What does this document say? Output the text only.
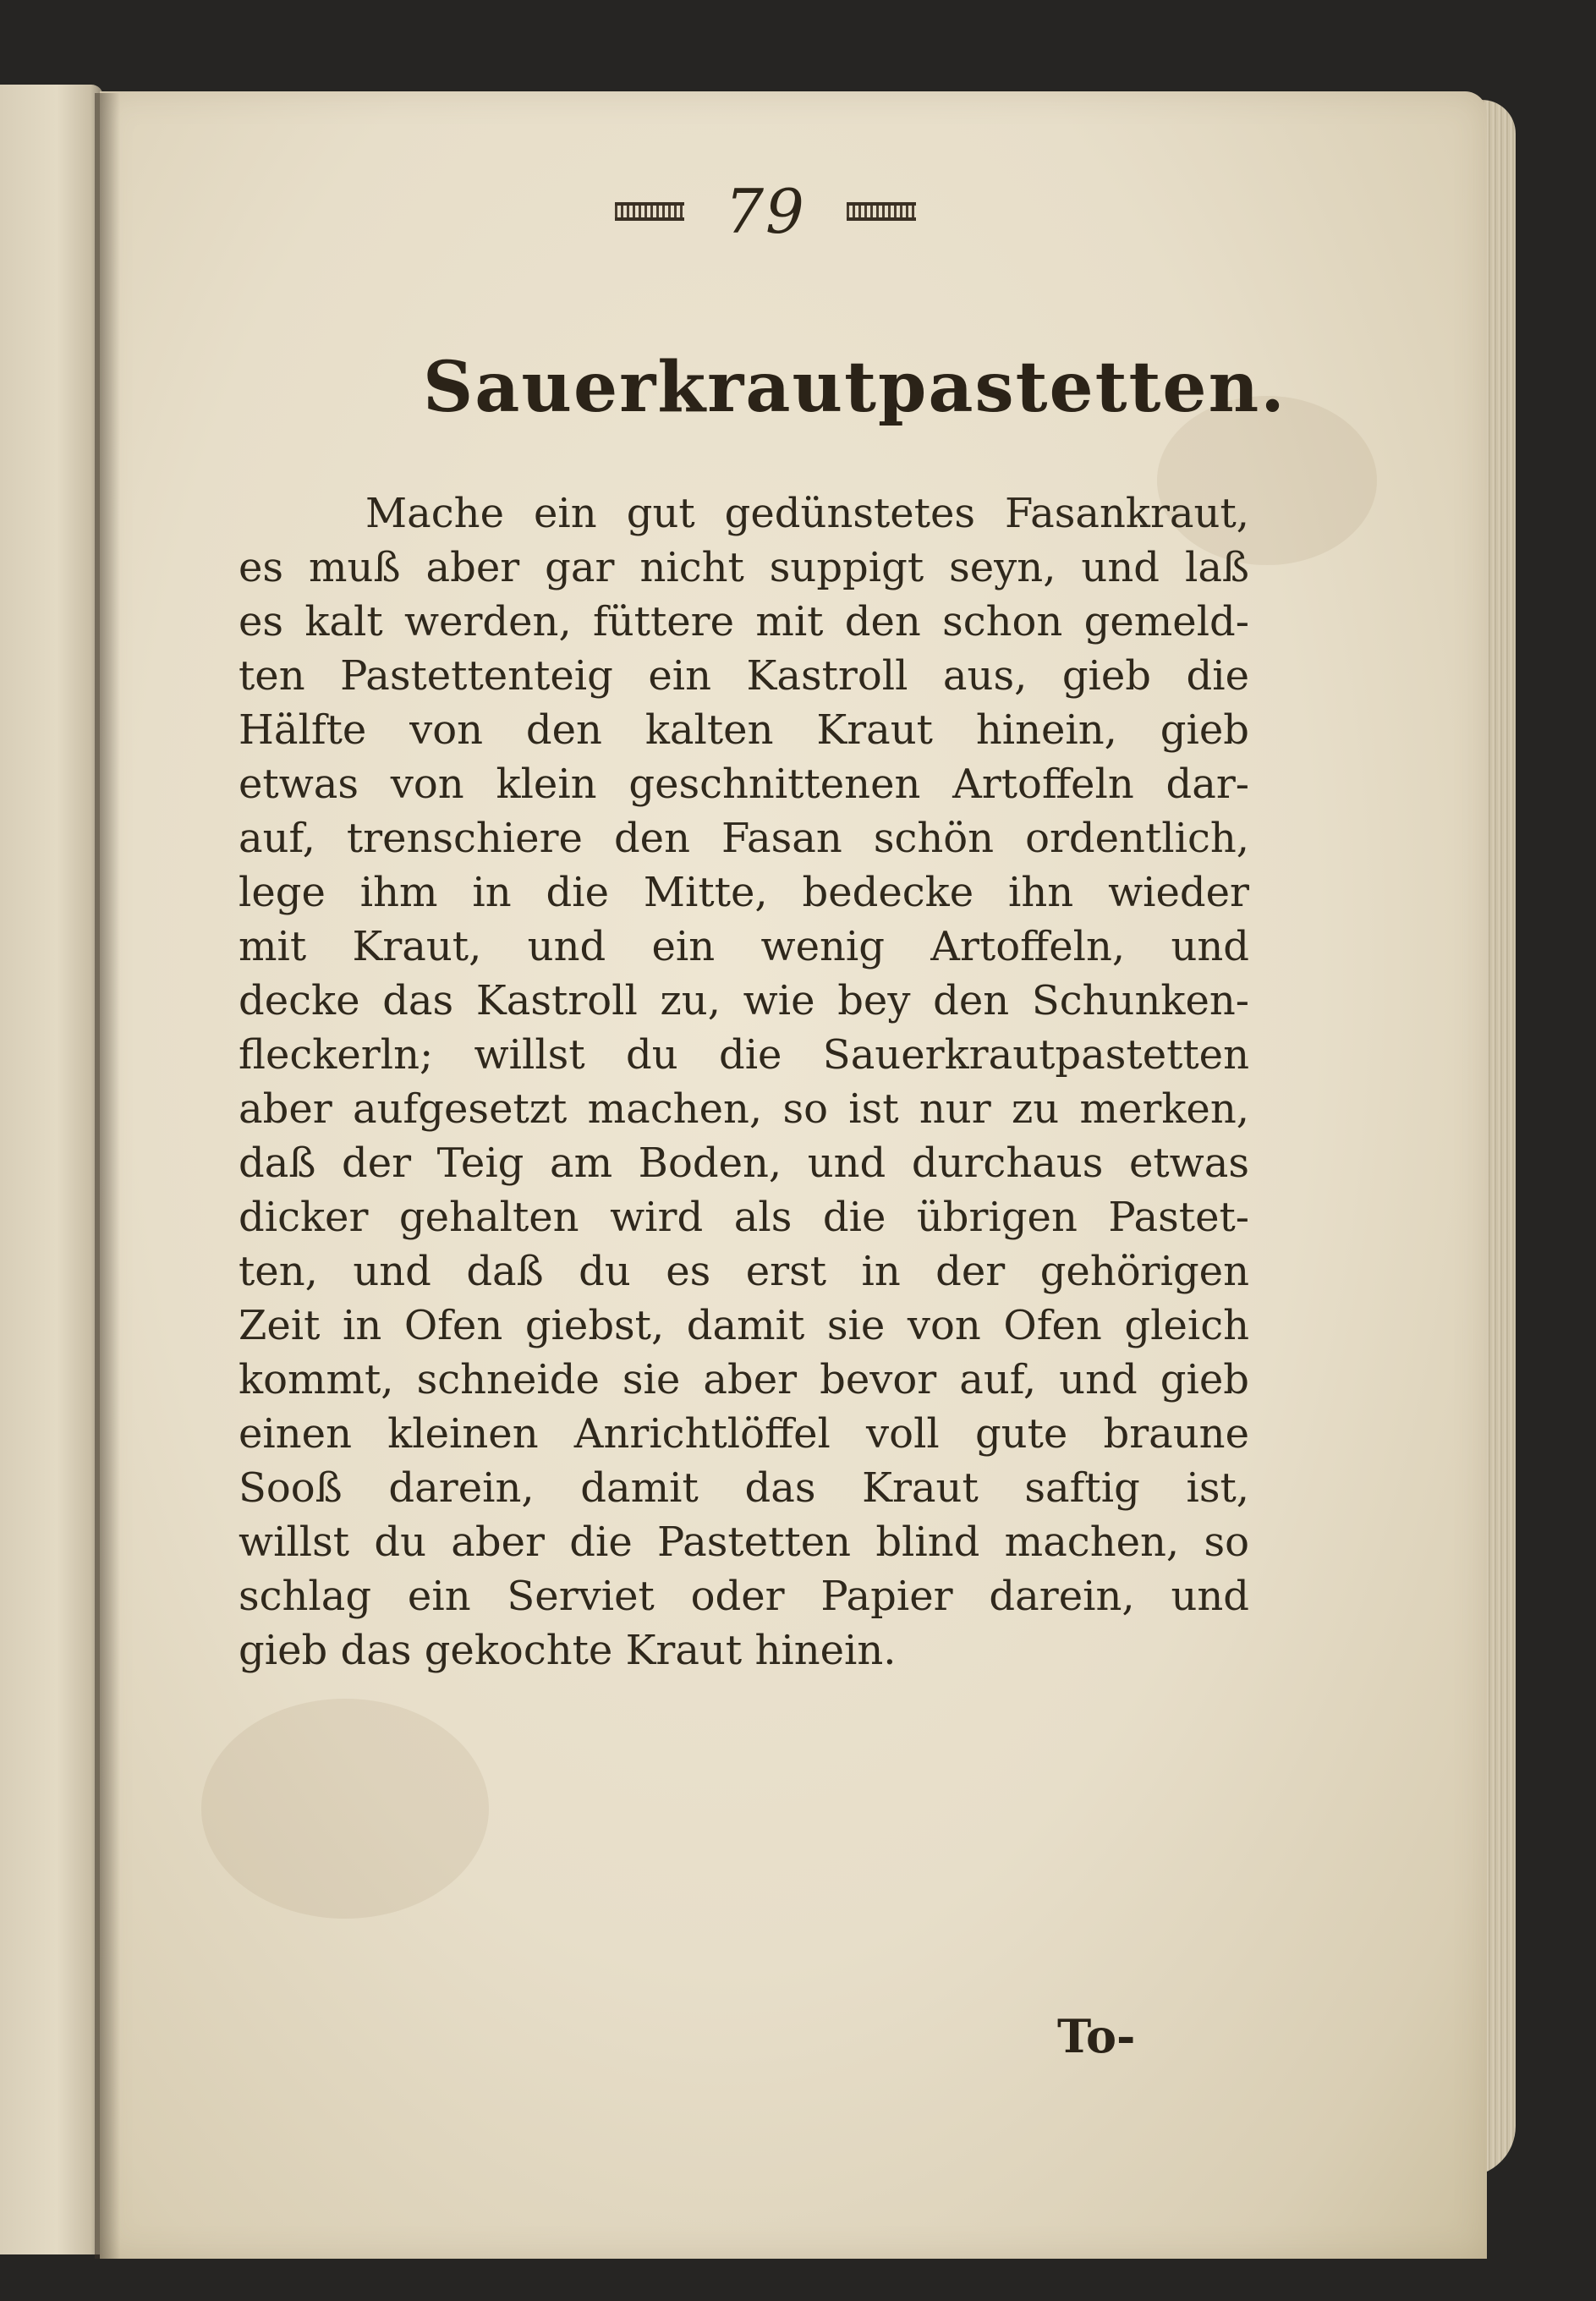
79
Sauerkrautpastetten.
Mache ein gut gedünstetes Fasankraut,
es muß aber gar nicht suppigt seyn, und laß
es kalt werden, füttere mit den schon gemeld-
ten Pastettenteig ein Kastroll aus, gieb die
Hälfte von den kalten Kraut hinein, gieb
etwas von klein geschnittenen Artoffeln dar-
auf, trenschiere den Fasan schön ordentlich,
lege ihm in die Mitte, bedecke ihn wieder
mit Kraut, und ein wenig Artoffeln, und
decke das Kastroll zu, wie bey den Schunken-
fleckerln; willst du die Sauerkrautpastetten
aber aufgesetzt machen, so ist nur zu merken,
daß der Teig am Boden, und durchaus etwas
dicker gehalten wird als die übrigen Pastet-
ten, und daß du es erst in der gehörigen
Zeit in Ofen giebst, damit sie von Ofen gleich
kommt, schneide sie aber bevor auf, und gieb
einen kleinen Anrichtlöffel voll gute braune
Sooß darein, damit das Kraut saftig ist,
willst du aber die Pastetten blind machen, so
schlag ein Serviet oder Papier darein, und
gieb das gekochte Kraut hinein.
To-
